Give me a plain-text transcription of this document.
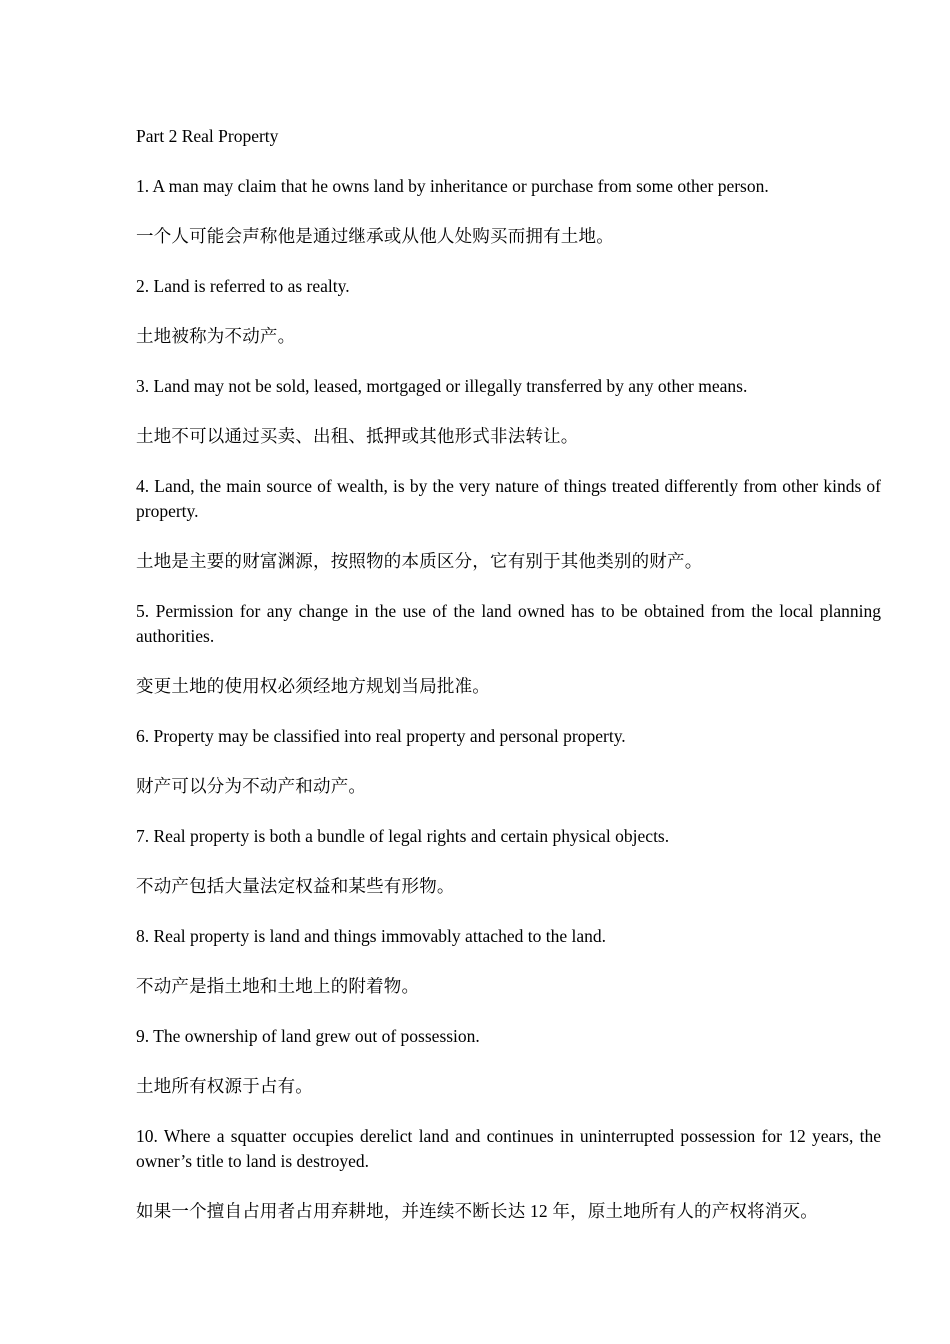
Part 2 Real Property
1. A man may claim that he owns land by inheritance or purchase from some other person.
一个人可能会声称他是通过继承或从他人处购买而拥有土地。
2. Land is referred to as realty.
土地被称为不动产。
3. Land may not be sold, leased, mortgaged or illegally transferred by any other means.
土地不可以通过买卖、出租、抵押或其他形式非法转让。
4. Land, the main source of wealth, is by the very nature of things treated differently from other kinds of property.
土地是主要的财富渊源，按照物的本质区分，它有别于其他类别的财产。
5. Permission for any change in the use of the land owned has to be obtained from the local planning authorities.
变更土地的使用权必须经地方规划当局批准。
6. Property may be classified into real property and personal property.
财产可以分为不动产和动产。
7. Real property is both a bundle of legal rights and certain physical objects.
不动产包括大量法定权益和某些有形物。
8. Real property is land and things immovably attached to the land.
不动产是指土地和土地上的附着物。
9. The ownership of land grew out of possession.
土地所有权源于占有。
10. Where a squatter occupies derelict land and continues in uninterrupted possession for 12 years, the owner’s title to land is destroyed.
如果一个擅自占用者占用弃耕地，并连续不断长达 12 年，原土地所有人的产权将消灭。
